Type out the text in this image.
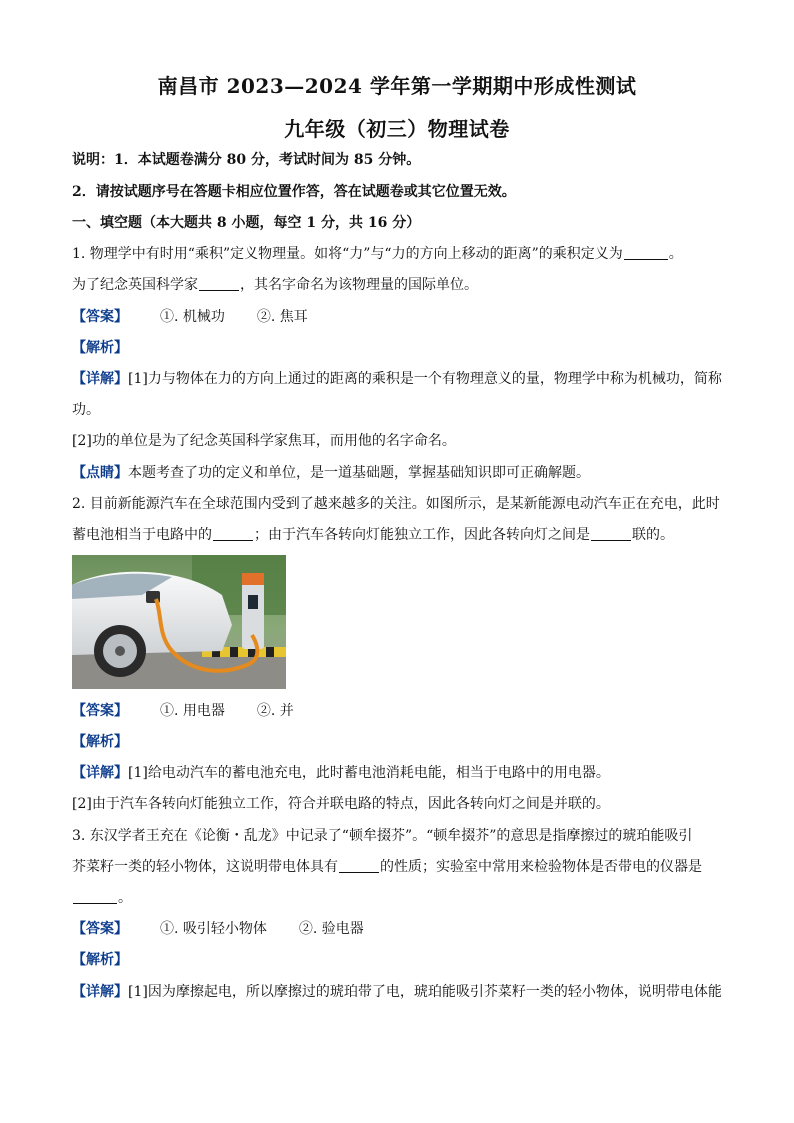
南昌市 2023—2024 学年第一学期期中形成性测试
九年级（初三）物理试卷
说明：1．本试题卷满分 80 分，考试时间为 85 分钟。
2．请按试题序号在答题卡相应位置作答，答在试题卷或其它位置无效。
一、填空题（本大题共 8 小题，每空 1 分，共 16 分）
1. 物理学中有时用“乘积”定义物理量。如将“力”与“力的方向上移动的距离”的乘积定义为	。
为了纪念英国科学家	，其名字命名为该物理量的国际单位。
【答案】 ①. 机械功 ②. 焦耳
【解析】
【详解】[1]力与物体在力的方向上通过的距离的乘积是一个有物理意义的量，物理学中称为机械功，简称
功。
[2]功的单位是为了纪念英国科学家焦耳，而用他的名字命名。
【点睛】本题考查了功的定义和单位，是一道基础题，掌握基础知识即可正确解题。
2. 目前新能源汽车在全球范围内受到了越来越多的关注。如图所示，是某新能源电动汽车正在充电，此时
蓄电池相当于电路中的	；由于汽车各转向灯能独立工作，因此各转向灯之间是	联的。
【答案】 ①. 用电器 ②. 并
【解析】
【详解】[1]给电动汽车的蓄电池充电，此时蓄电池消耗电能，相当于电路中的用电器。
[2]由于汽车各转向灯能独立工作，符合并联电路的特点，因此各转向灯之间是并联的。
3. 东汉学者王充在《论衡・乱龙》中记录了“顿牟掇芥”。“顿牟掇芥”的意思是指摩擦过的琥珀能吸引
芥菜籽一类的轻小物体，这说明带电体具有	的性质；实验室中常用来检验物体是否带电的仪器是
。
【答案】 ①. 吸引轻小物体 ②. 验电器
【解析】
【详解】[1]因为摩擦起电，所以摩擦过的琥珀带了电，琥珀能吸引芥菜籽一类的轻小物体，说明带电体能
